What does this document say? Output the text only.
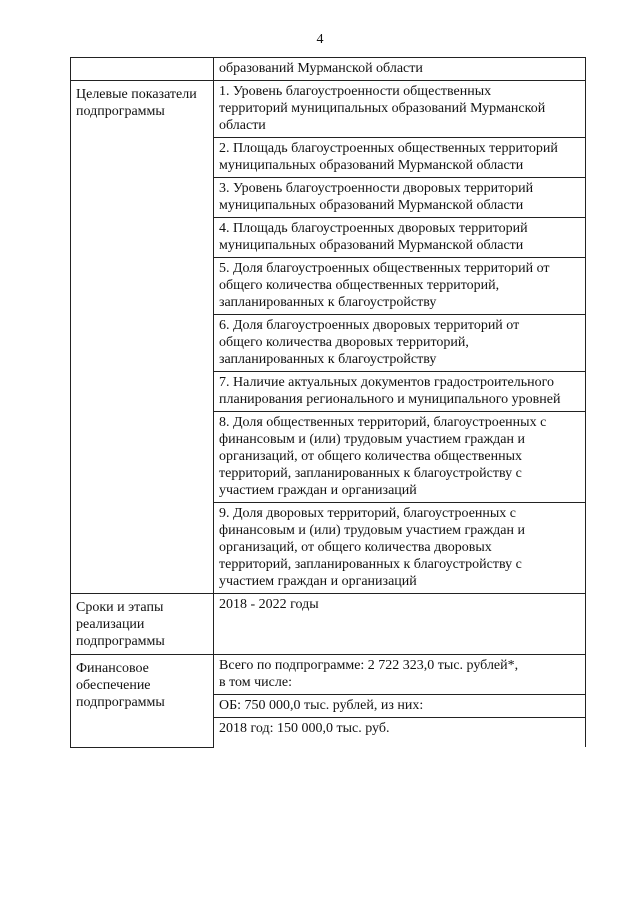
4
	образований Мурманской области
Целевые показатели
подпрограммы	1. Уровень благоустроенности общественных
территорий муниципальных образований Мурманской
области
	2. Площадь благоустроенных общественных территорий
муниципальных образований Мурманской области
	3. Уровень благоустроенности дворовых территорий
муниципальных образований Мурманской области
	4. Площадь благоустроенных дворовых территорий
муниципальных образований Мурманской области
	5. Доля благоустроенных общественных территорий от
общего количества общественных территорий,
запланированных к благоустройству
	6. Доля благоустроенных дворовых территорий от
общего количества дворовых территорий,
запланированных к благоустройству
	7. Наличие актуальных документов градостроительного
планирования регионального и муниципального уровней
	8. Доля общественных территорий, благоустроенных с
финансовым и (или) трудовым участием граждан и
организаций, от общего количества общественных
территорий, запланированных к благоустройству с
участием граждан и организаций
	9. Доля дворовых территорий, благоустроенных с
финансовым и (или) трудовым участием граждан и
организаций, от общего количества дворовых
территорий, запланированных к благоустройству с
участием граждан и организаций
Сроки и этапы
реализации
подпрограммы	2018 - 2022 годы
Финансовое
обеспечение
подпрограммы	Всего по подпрограмме: 2 722 323,0 тыс. рублей*,
в том числе:
	ОБ: 750 000,0 тыс. рублей, из них:
	2018 год: 150 000,0 тыс. руб.
